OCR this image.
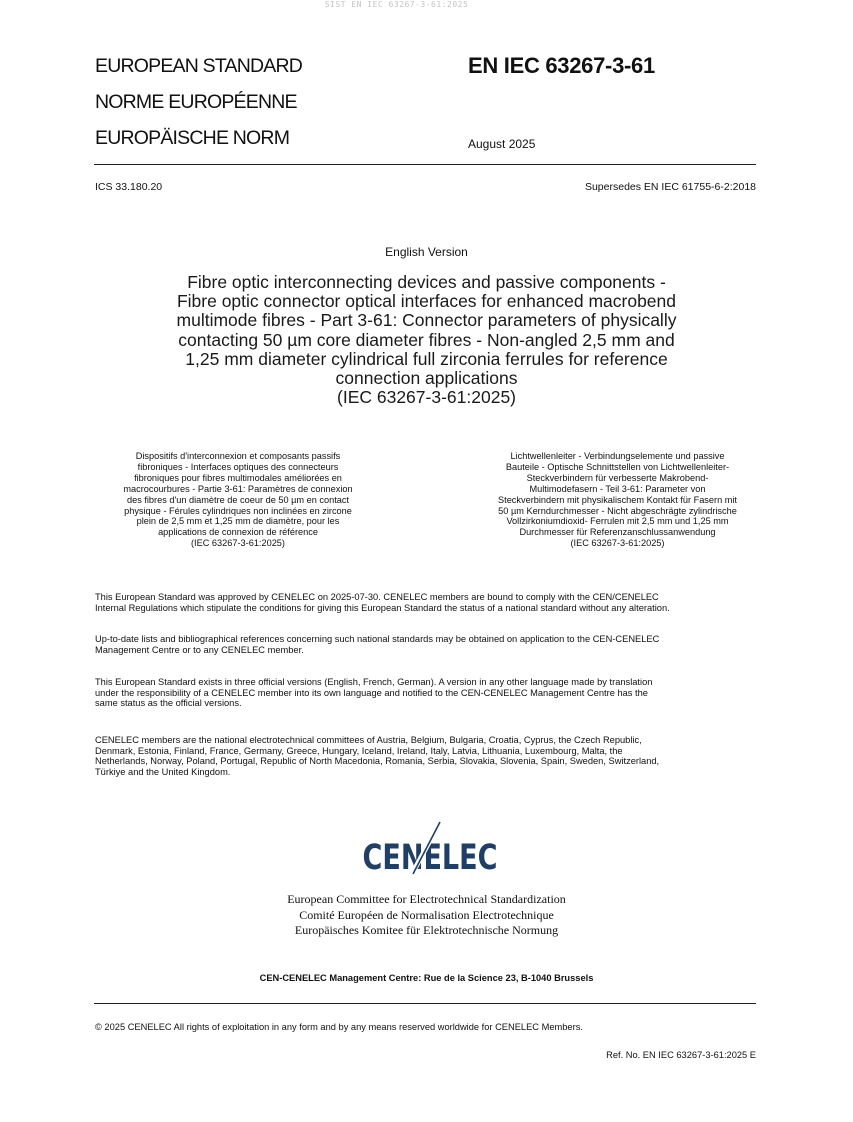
SIST EN IEC 63267-3-61:2025
EUROPEAN STANDARD
NORME EUROPÉENNE
EUROPÄISCHE NORM
EN IEC 63267-3-61
August 2025
ICS 33.180.20	Supersedes EN IEC 61755-6-2:2018
English Version
Fibre optic interconnecting devices and passive components -
Fibre optic connector optical interfaces for enhanced macrobend
multimode fibres - Part 3-61: Connector parameters of physically
contacting 50 µm core diameter fibres - Non-angled 2,5 mm and
1,25 mm diameter cylindrical full zirconia ferrules for reference
connection applications
(IEC 63267-3-61:2025)
Dispositifs d'interconnexion et composants passifs
fibroniques - Interfaces optiques des connecteurs
fibroniques pour fibres multimodales améliorées en
macrocourbures - Partie 3-61: Paramètres de connexion
des fibres d'un diamètre de coeur de 50 µm en contact
physique - Férules cylindriques non inclinées en zircone
plein de 2,5 mm et 1,25 mm de diamètre, pour les
applications de connexion de référence
(IEC 63267-3-61:2025)
Lichtwellenleiter - Verbindungselemente und passive
Bauteile - Optische Schnittstellen von Lichtwellenleiter-
Steckverbindern für verbesserte Makrobend-
Multimodefasern - Teil 3-61: Parameter von
Steckverbindern mit physikalischem Kontakt für Fasern mit
50 µm Kerndurchmesser - Nicht abgeschrägte zylindrische
Vollzirkoniumdioxid- Ferrulen mit 2,5 mm und 1,25 mm
Durchmesser für Referenzanschlussanwendung
(IEC 63267-3-61:2025)
This European Standard was approved by CENELEC on 2025-07-30. CENELEC members are bound to comply with the CEN/CENELEC
Internal Regulations which stipulate the conditions for giving this European Standard the status of a national standard without any alteration.
Up-to-date lists and bibliographical references concerning such national standards may be obtained on application to the CEN-CENELEC
Management Centre or to any CENELEC member.
This European Standard exists in three official versions (English, French, German). A version in any other language made by translation
under the responsibility of a CENELEC member into its own language and notified to the CEN-CENELEC Management Centre has the
same status as the official versions.
CENELEC members are the national electrotechnical committees of Austria, Belgium, Bulgaria, Croatia, Cyprus, the Czech Republic,
Denmark, Estonia, Finland, France, Germany, Greece, Hungary, Iceland, Ireland, Italy, Latvia, Lithuania, Luxembourg, Malta, the
Netherlands, Norway, Poland, Portugal, Republic of North Macedonia, Romania, Serbia, Slovakia, Slovenia, Spain, Sweden, Switzerland,
Türkiye and the United Kingdom.
CENELEC
European Committee for Electrotechnical Standardization
Comité Européen de Normalisation Electrotechnique
Europäisches Komitee für Elektrotechnische Normung
CEN-CENELEC Management Centre: Rue de la Science 23, B-1040 Brussels
© 2025 CENELEC All rights of exploitation in any form and by any means reserved worldwide for CENELEC Members.
Ref. No. EN IEC 63267-3-61:2025 E
